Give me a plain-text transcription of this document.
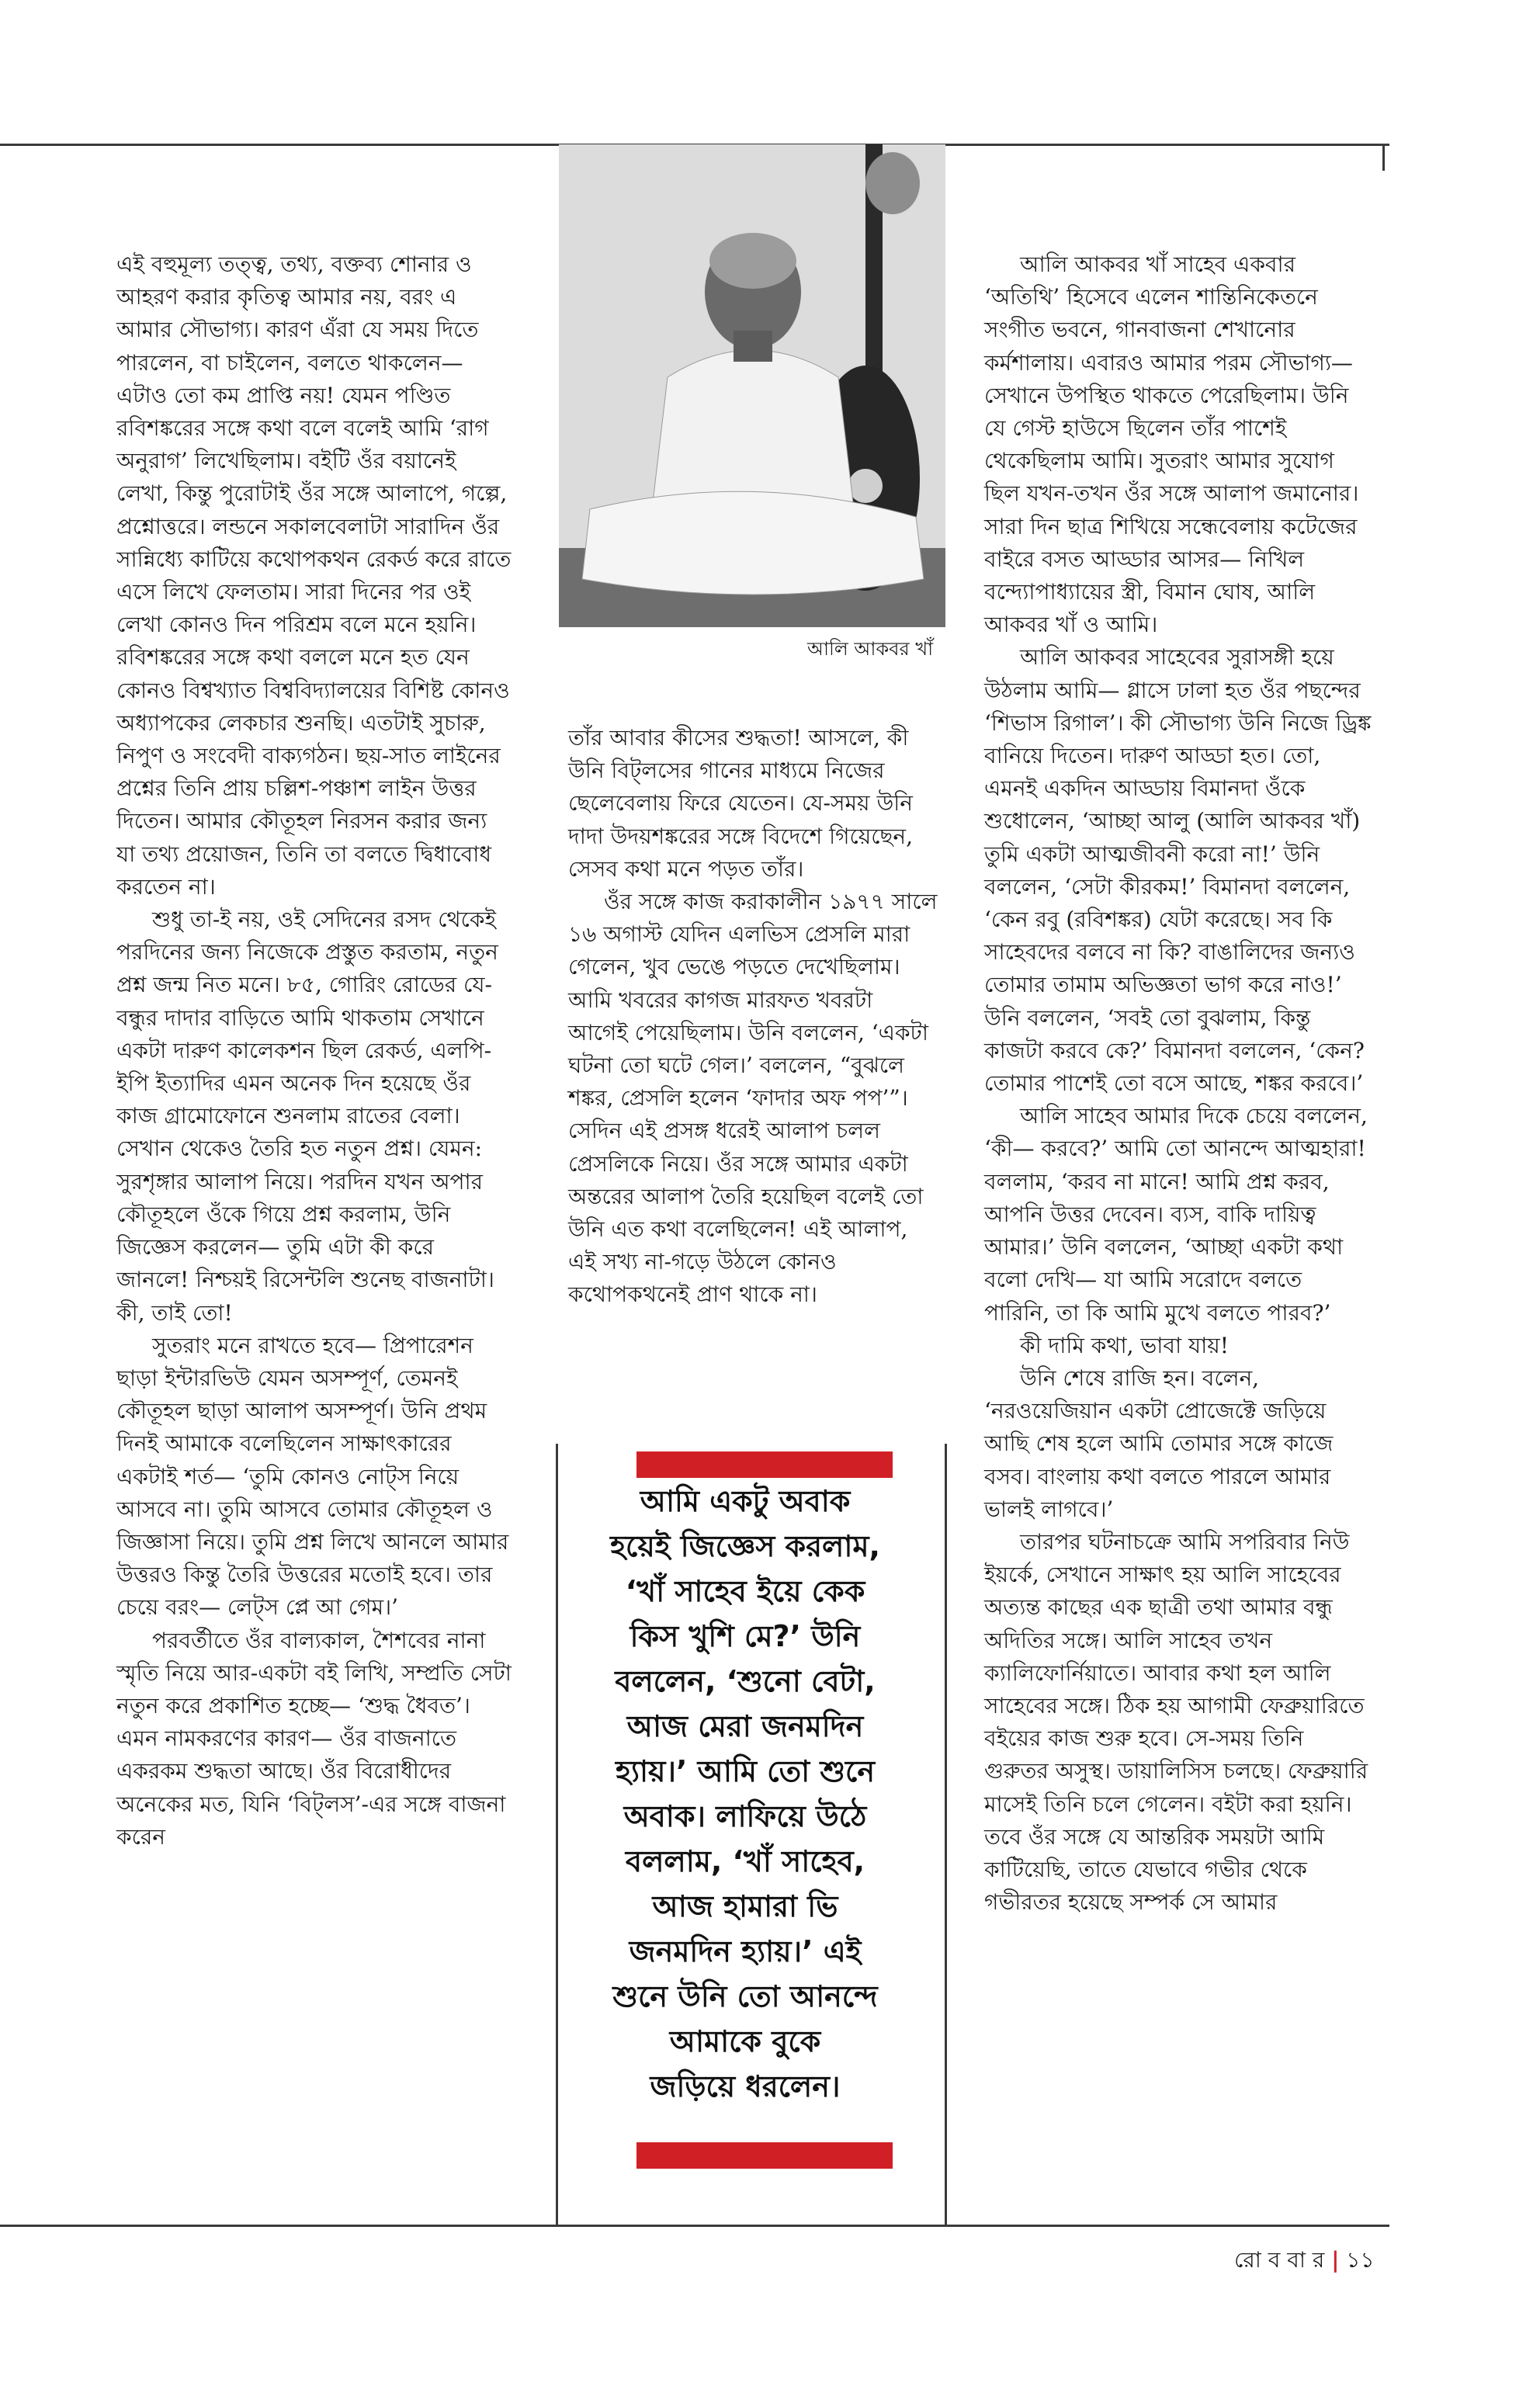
এই বহুমূল্য তত্ত্ব, তথ্য, বক্তব্য শোনার ও আহরণ করার কৃতিত্ব আমার নয়, বরং এ আমার সৌভাগ্য। কারণ এঁরা যে সময় দিতে পারলেন, বা চাইলেন, বলতে থাকলেন— এটাও তো কম প্রাপ্তি নয়! যেমন পণ্ডিত রবিশঙ্করের সঙ্গে কথা বলে বলেই আমি ‘রাগ অনুরাগ’ লিখেছিলাম। বইটি ওঁর বয়ানেই লেখা, কিন্তু পুরোটাই ওঁর সঙ্গে আলাপে, গল্পে, প্রশ্নোত্তরে। লন্ডনে সকালবেলাটা সারাদিন ওঁর সান্নিধ্যে কাটিয়ে কথোপকথন রেকর্ড করে রাতে এসে লিখে ফেলতাম। সারা দিনের পর ওই লেখা কোনও দিন পরিশ্রম বলে মনে হয়নি। রবিশঙ্করের সঙ্গে কথা বললে মনে হত যেন কোনও বিশ্বখ্যাত বিশ্ববিদ্যালয়ের বিশিষ্ট কোনও অধ্যাপকের লেকচার শুনছি। এতটাই সুচারু, নিপুণ ও সংবেদী বাক্যগঠন। ছয়-সাত লাইনের প্রশ্নের তিনি প্রায় চল্লিশ-পঞ্চাশ লাইন উত্তর দিতেন। আমার কৌতূহল নিরসন করার জন্য যা তথ্য প্রয়োজন, তিনি তা বলতে দ্বিধাবোধ করতেন না।

শুধু তা-ই নয়, ওই সেদিনের রসদ থেকেই পরদিনের জন্য নিজেকে প্রস্তুত করতাম, নতুন প্রশ্ন জন্ম নিত মনে। ৮৫, গোরিং রোডের যে-বন্ধুর দাদার বাড়িতে আমি থাকতাম সেখানে একটা দারুণ কালেকশন ছিল রেকর্ড, এলপি-ইপি ইত্যাদির এমন অনেক দিন হয়েছে ওঁর কাজ গ্রামোফোনে শুনলাম রাতের বেলা। সেখান থেকেও তৈরি হত নতুন প্রশ্ন। যেমন: সুরশৃঙ্গার আলাপ নিয়ে। পরদিন যখন অপার কৌতূহলে ওঁকে গিয়ে প্রশ্ন করলাম, উনি জিজ্ঞেস করলেন— তুমি এটা কী করে জানলে! নিশ্চয়ই রিসেন্টলি শুনেছ বাজনাটা। কী, তাই তো!

সুতরাং মনে রাখতে হবে— প্রিপারেশন ছাড়া ইন্টারভিউ যেমন অসম্পূর্ণ, তেমনই কৌতূহল ছাড়া আলাপ অসম্পূর্ণ। উনি প্রথম দিনই আমাকে বলেছিলেন সাক্ষাৎকারের একটাই শর্ত— ‘তুমি কোনও নোট্‌স নিয়ে আসবে না। তুমি আসবে তোমার কৌতূহল ও জিজ্ঞাসা নিয়ে। তুমি প্রশ্ন লিখে আনলে আমার উত্তরও কিন্তু তৈরি উত্তরের মতোই হবে। তার চেয়ে বরং— লেট্‌স প্লে আ গেম।’

পরবর্তীতে ওঁর বাল্যকাল, শৈশবের নানা স্মৃতি নিয়ে আর-একটা বই লিখি, সম্প্রতি সেটা নতুন করে প্রকাশিত হচ্ছে— ‘শুদ্ধ ধৈবত’। এমন নামকরণের কারণ— ওঁর বাজনাতে একরকম শুদ্ধতা আছে। ওঁর বিরোধীদের অনেকের মত, যিনি ‘বিট্‌লস’-এর সঙ্গে বাজনা করেন

আলি আকবর খাঁ

তাঁর আবার কীসের শুদ্ধতা! আসলে, কী উনি বিট্‌লসের গানের মাধ্যমে নিজের ছেলেবেলায় ফিরে যেতেন। যে-সময় উনি দাদা উদয়শঙ্করের সঙ্গে বিদেশে গিয়েছেন, সেসব কথা মনে পড়ত তাঁর।

ওঁর সঙ্গে কাজ করাকালীন ১৯৭৭ সালে ১৬ অগাস্ট যেদিন এলভিস প্রেসলি মারা গেলেন, খুব ভেঙে পড়তে দেখেছিলাম। আমি খবরের কাগজ মারফত খবরটা আগেই পেয়েছিলাম। উনি বললেন, ‘একটা ঘটনা তো ঘটে গেল।’ বললেন, “বুঝলে শঙ্কর, প্রেসলি হলেন ‘ফাদার অফ পপ’”। সেদিন এই প্রসঙ্গ ধরেই আলাপ চলল প্রেসলিকে নিয়ে। ওঁর সঙ্গে আমার একটা অন্তরের আলাপ তৈরি হয়েছিল বলেই তো উনি এত কথা বলেছিলেন! এই আলাপ, এই সখ্য না-গড়ে উঠলে কোনও কথোপকথনেই প্রাণ থাকে না।

আমি একটু অবাক

হয়েই জিজ্ঞেস করলাম,

‘খাঁ সাহেব ইয়ে কেক

কিস খুশি মে?’ উনি

বললেন, ‘শুনো বেটা,

আজ মেরা জনমদিন

হ্যায়।’ আমি তো শুনে

অবাক। লাফিয়ে উঠে

বললাম, ‘খাঁ সাহেব,

আজ হামারা ভি

জনমদিন হ্যায়।’ এই

শুনে উনি তো আনন্দে

আমাকে বুকে

জড়িয়ে ধরলেন।

আলি আকবর খাঁ সাহেব একবার ‘অতিথি’ হিসেবে এলেন শান্তিনিকেতনে সংগীত ভবনে, গানবাজনা শেখানোর কর্মশালায়। এবারও আমার পরম সৌভাগ্য— সেখানে উপস্থিত থাকতে পেরেছিলাম। উনি যে গেস্ট হাউসে ছিলেন তাঁর পাশেই থেকেছিলাম আমি। সুতরাং আমার সুযোগ ছিল যখন-তখন ওঁর সঙ্গে আলাপ জমানোর। সারা দিন ছাত্র শিখিয়ে সন্ধেবেলায় কটেজের বাইরে বসত আড্ডার আসর— নিখিল বন্দ্যোপাধ্যায়ের স্ত্রী, বিমান ঘোষ, আলি আকবর খাঁ ও আমি।

আলি আকবর সাহেবের সুরাসঙ্গী হয়ে উঠলাম আমি— গ্লাসে ঢালা হত ওঁর পছন্দের ‘শিভাস রিগাল’। কী সৌভাগ্য উনি নিজে ড্রিঙ্ক বানিয়ে দিতেন। দারুণ আড্ডা হত। তো, এমনই একদিন আড্ডায় বিমানদা ওঁকে শুধোলেন, ‘আচ্ছা আলু (আলি আকবর খাঁ) তুমি একটা আত্মজীবনী করো না!’ উনি বললেন, ‘সেটা কীরকম!’ বিমানদা বললেন, ‘কেন রবু (রবিশঙ্কর) যেটা করেছে। সব কি সাহেবদের বলবে না কি? বাঙালিদের জন্যও তোমার তামাম অভিজ্ঞতা ভাগ করে নাও!’ উনি বললেন, ‘সবই তো বুঝলাম, কিন্তু কাজটা করবে কে?’ বিমানদা বললেন, ‘কেন? তোমার পাশেই তো বসে আছে, শঙ্কর করবে।’

আলি সাহেব আমার দিকে চেয়ে বললেন, ‘কী— করবে?’ আমি তো আনন্দে আত্মহারা! বললাম, ‘করব না মানে! আমি প্রশ্ন করব, আপনি উত্তর দেবেন। ব্যস, বাকি দায়িত্ব আমার।’ উনি বললেন, ‘আচ্ছা একটা কথা বলো দেখি— যা আমি সরোদে বলতে পারিনি, তা কি আমি মুখে বলতে পারব?’

কী দামি কথা, ভাবা যায়!

উনি শেষে রাজি হন। বলেন, ‘নরওয়েজিয়ান একটা প্রোজেক্টে জড়িয়ে আছি শেষ হলে আমি তোমার সঙ্গে কাজে বসব। বাংলায় কথা বলতে পারলে আমার ভালই লাগবে।’

তারপর ঘটনাচক্রে আমি সপরিবার নিউ ইয়র্কে, সেখানে সাক্ষাৎ হয় আলি সাহেবের অত্যন্ত কাছের এক ছাত্রী তথা আমার বন্ধু অদিতির সঙ্গে। আলি সাহেব তখন ক্যালিফোর্নিয়াতে। আবার কথা হল আলি সাহেবের সঙ্গে। ঠিক হয় আগামী ফেব্রুয়ারিতে বইয়ের কাজ শুরু হবে। সে-সময় তিনি গুরুতর অসুস্থ। ডায়ালিসিস চলছে। ফেব্রুয়ারি মাসেই তিনি চলে গেলেন। বইটা করা হয়নি। তবে ওঁর সঙ্গে যে আন্তরিক সময়টা আমি কাটিয়েছি, তাতে যেভাবে গভীর থেকে গভীরতর হয়েছে সম্পর্ক সে আমার

রো ব বা র | ১১
